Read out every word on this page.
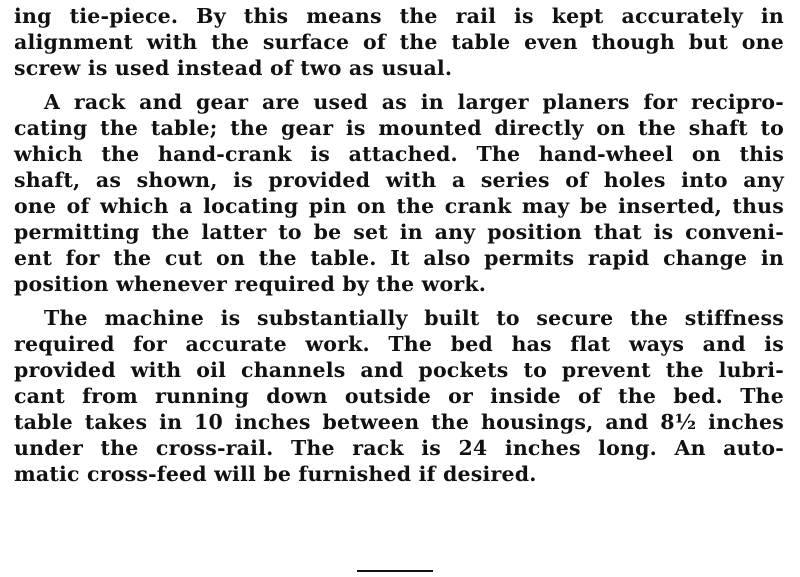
ing tie-piece. By this means the rail is kept accurately in
alignment with the surface of the table even though but one
screw is used instead of two as usual.
A rack and gear are used as in larger planers for recipro-
cating the table; the gear is mounted directly on the shaft to
which the hand-crank is attached. The hand-wheel on this
shaft, as shown, is provided with a series of holes into any
one of which a locating pin on the crank may be inserted, thus
permitting the latter to be set in any position that is conveni-
ent for the cut on the table. It also permits rapid change in
position whenever required by the work.
The machine is substantially built to secure the stiffness
required for accurate work. The bed has flat ways and is
provided with oil channels and pockets to prevent the lubri-
cant from running down outside or inside of the bed. The
table takes in 10 inches between the housings, and 8½ inches
under the cross-rail. The rack is 24 inches long. An auto-
matic cross-feed will be furnished if desired.
